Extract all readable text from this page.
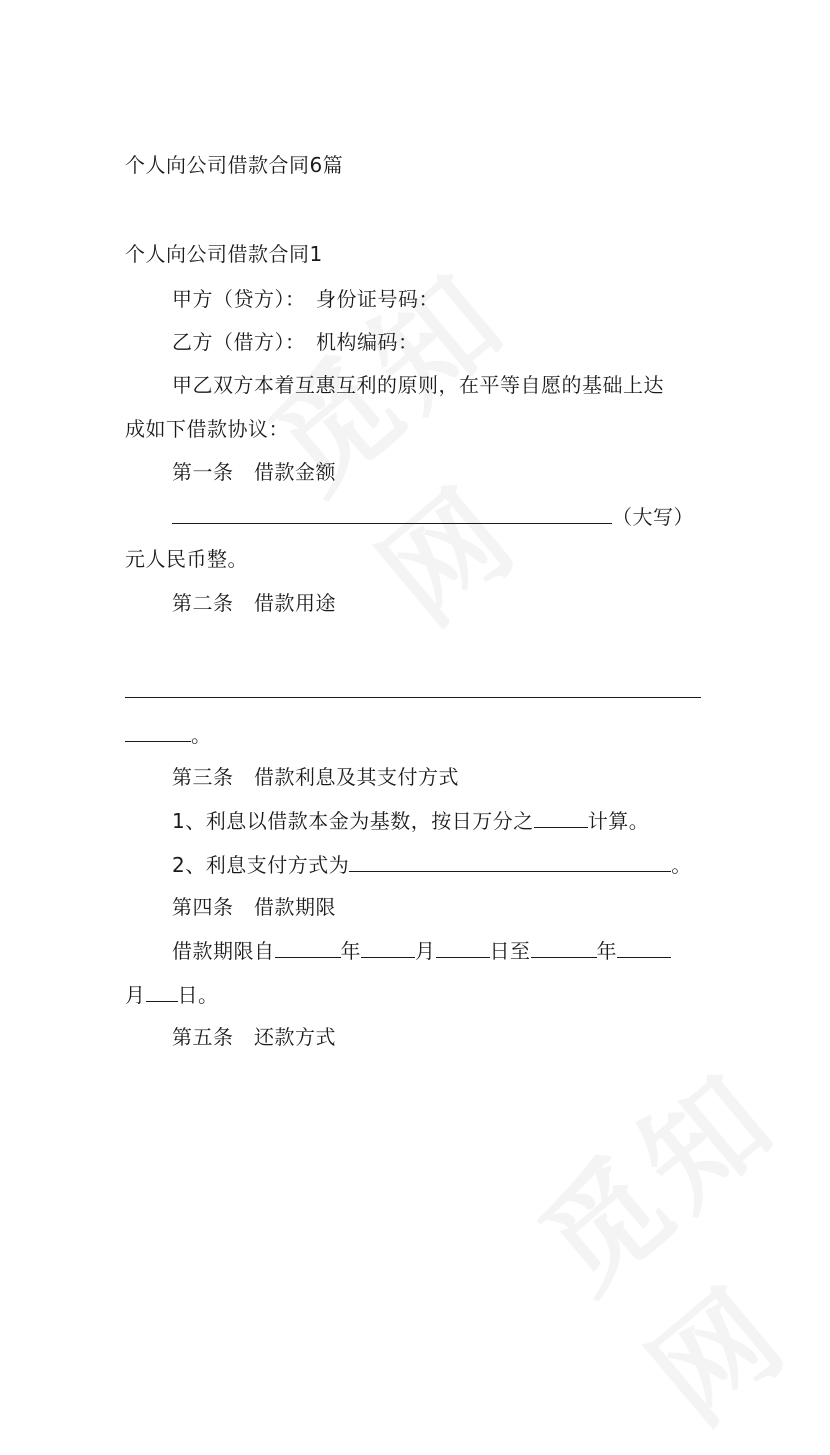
个人向公司借款合同6篇
个人向公司借款合同1
甲方（贷方）：　身份证号码：
乙方（借方）：　机构编码：
甲乙双方本着互惠互利的原则，在平等自愿的基础上达
成如下借款协议：
第一条　借款金额
（大写）
元人民币整。
第二条　借款用途
。
第三条　借款利息及其支付方式
1、利息以借款本金为基数，按日万分之	计算。
2、利息支付方式为	。
第四条　借款期限
借款期限自	年	月	日至	年
月 日。
第五条　还款方式
